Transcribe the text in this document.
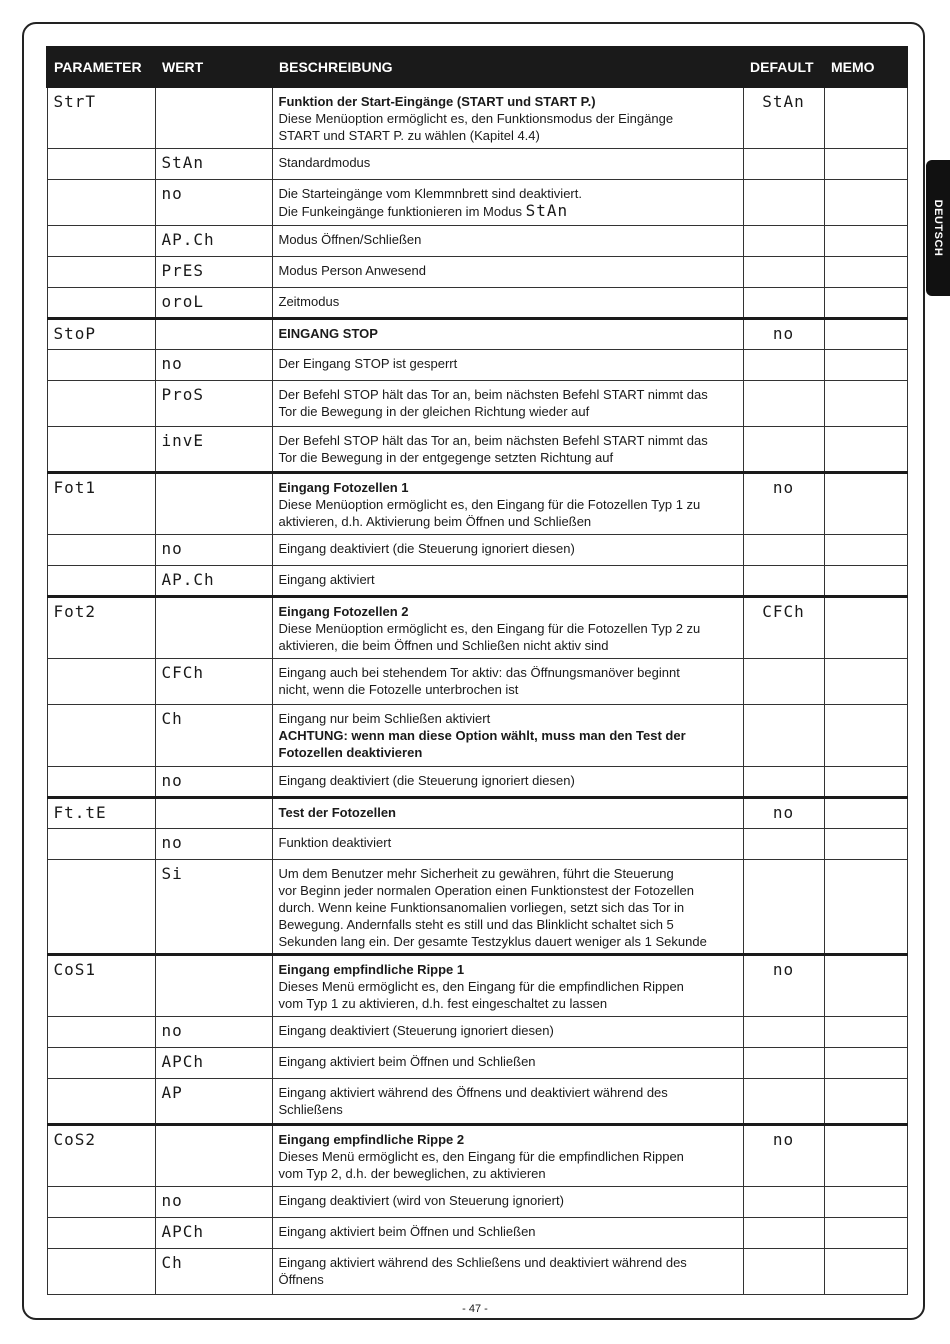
DEUTSCH
PARAMETER	WERT	BESCHREIBUNG	DEFAULT	MEMO
StrT		Funktion der Start-Eingänge (START und START P.)
Diese Menüoption ermöglicht es, den Funktionsmodus der Eingänge
START und START P. zu wählen (Kapitel 4.4)	StAn	
	StAn	Standardmodus		

	no	Die Starteingänge vom Klemmnbrett sind deaktiviert.
Die Funkeingänge funktionieren im Modus StAn		

	AP.Ch	Modus Öffnen/Schließen		

	PrES	Modus Person Anwesend		

	oroL	Zeitmodus		

StoP		EINGANG STOP	no	
	no	Der Eingang STOP ist gesperrt		

	ProS	Der Befehl STOP hält das Tor an, beim nächsten Befehl START nimmt das
Tor die Bewegung in der gleichen Richtung wieder auf		

	invE	Der Befehl STOP hält das Tor an, beim nächsten Befehl START nimmt das
Tor die Bewegung in der entgegenge setzten Richtung auf		

Fot1		Eingang Fotozellen 1
Diese Menüoption ermöglicht es, den Eingang für die Fotozellen Typ 1 zu
aktivieren, d.h. Aktivierung beim Öffnen und Schließen	no	
	no	Eingang deaktiviert (die Steuerung ignoriert diesen)		

	AP.Ch	Eingang aktiviert		

Fot2		Eingang Fotozellen 2
Diese Menüoption ermöglicht es, den Eingang für die Fotozellen Typ 2 zu
aktivieren, die beim Öffnen und Schließen nicht aktiv sind	CFCh	
	CFCh	Eingang auch bei stehendem Tor aktiv: das Öffnungsmanöver beginnt
nicht, wenn die Fotozelle unterbrochen ist		

	Ch	Eingang nur beim Schließen aktiviert
ACHTUNG: wenn man diese Option wählt, muss man den Test der Fotozellen deaktivieren		

	no	Eingang deaktiviert (die Steuerung ignoriert diesen)		

Ft.tE		Test der Fotozellen	no	
	no	Funktion deaktiviert		

	Si	Um dem Benutzer mehr Sicherheit zu gewähren, führt die Steuerung
vor Beginn jeder normalen Operation einen Funktionstest der Fotozellen
durch. Wenn keine Funktionsanomalien vorliegen, setzt sich das Tor in
Bewegung. Andernfalls steht es still und das Blinklicht schaltet sich 5
Sekunden lang ein. Der gesamte Testzyklus dauert weniger als 1 Sekunde		

CoS1		Eingang empfindliche Rippe 1
Dieses Menü ermöglicht es, den Eingang für die empfindlichen Rippen
vom Typ 1 zu aktivieren, d.h. fest eingeschaltet zu lassen	no	
	no	Eingang deaktiviert (Steuerung ignoriert diesen)		

	APCh	Eingang aktiviert beim Öffnen und Schließen		

	AP	Eingang aktiviert während des Öffnens und deaktiviert während des
Schließens		

CoS2		Eingang empfindliche Rippe 2
Dieses Menü ermöglicht es, den Eingang für die empfindlichen Rippen
vom Typ 2, d.h. der beweglichen, zu aktivieren	no	
	no	Eingang deaktiviert (wird von Steuerung ignoriert)		

	APCh	Eingang aktiviert beim Öffnen und Schließen		

	Ch	Eingang aktiviert während des Schließens und deaktiviert während des
Öffnens		

- 47 -
